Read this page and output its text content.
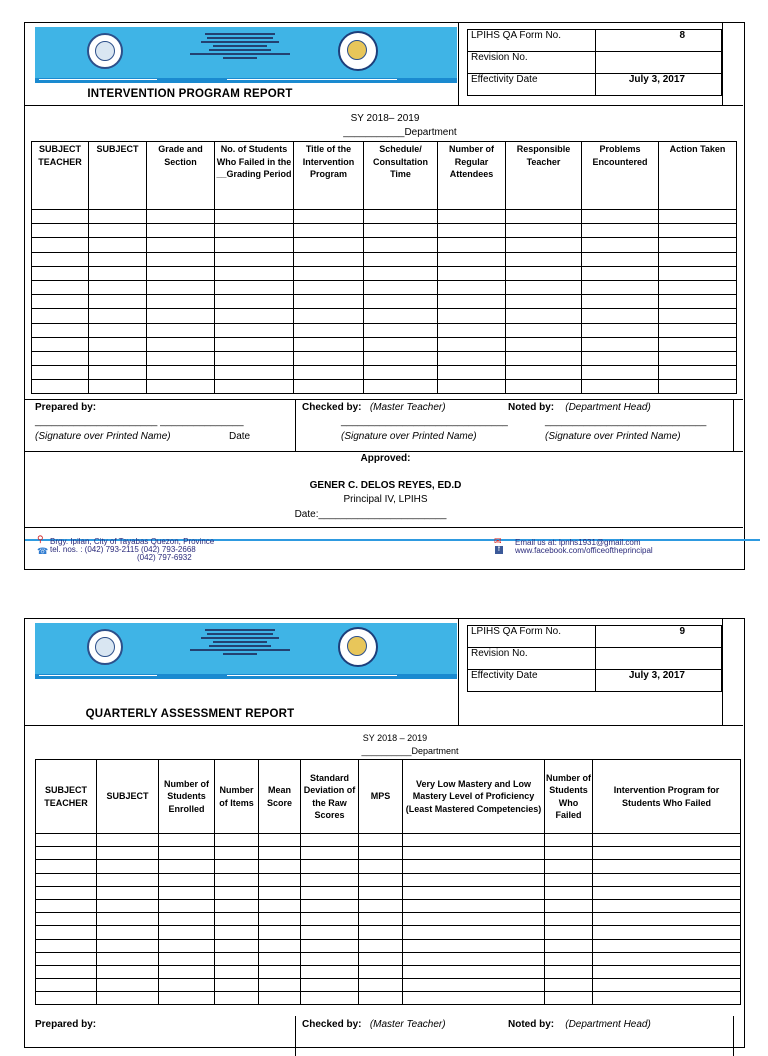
INTERVENTION PROGRAM REPORT
LPIHS QA Form No.	8
Revision No.	
Effectivity Date	July 3, 2017
SY 2018– 2019
___________Department
SUBJECT TEACHER	SUBJECT	Grade and Section	No. of Students Who Failed in the __Grading Period	Title of the Intervention Program	Schedule/ Consultation Time	Number of Regular Attendees	Responsible Teacher	Problems Encountered	Action Taken

Prepared by:
______________________ _______________
(Signature over Printed Name)	Date
Checked by: (Master Teacher)
______________________________
(Signature over Printed Name)
Noted by: (Department Head)
_____________________________
(Signature over Printed Name)
Approved:
GENER C. DELOS REYES, ED.D
Principal IV, LPIHS
Date:_______________________
⚲
☎
Brgy. Ipilan, City of Tayabas Quezon, Province
tel. nos. : (042) 793-2115 (042) 793-2668
(042) 797-6932
✉
f
Email us at: lpnhs1931@gmail.com
www.facebook.com/officeoftheprincipal
QUARTERLY ASSESSMENT REPORT
LPIHS QA Form No.	9
Revision No.	
Effectivity Date	July 3, 2017
SY 2018 – 2019
__________Department
SUBJECT TEACHER	SUBJECT	Number of Students Enrolled	Number of Items	Mean Score	Standard Deviation of the Raw Scores	MPS	Very Low Mastery and Low Mastery Level of Proficiency (Least Mastered Competencies)	Number of Students Who Failed	Intervention Program for Students Who Failed

Prepared by:	Checked by: (Master Teacher)	Noted by: (Department Head)
